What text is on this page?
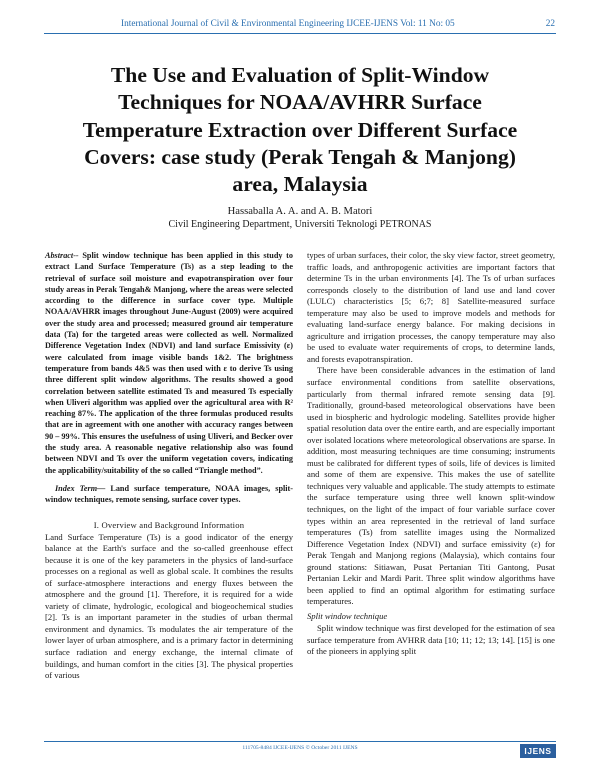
International Journal of Civil & Environmental Engineering IJCEE-IJENS Vol: 11 No: 05	22
The Use and Evaluation of Split-Window Techniques for NOAA/AVHRR Surface Temperature Extraction over Different Surface Covers: case study (Perak Tengah & Manjong) area, Malaysia
Hassaballa A. A. and A. B. Matori
Civil Engineering Department, Universiti Teknologi PETRONAS

Abstract-- Split window technique has been applied in this study to extract Land Surface Temperature (Ts) as a step leading to the retrieval of surface soil moisture and evapotranspiration over four study areas in Perak Tengah& Manjong, where the areas were selected according to the difference in surface cover type. Multiple NOAA/AVHRR images throughout June-August (2009) were acquired over the study area and processed; measured ground air temperature data (Ta) for the targeted areas were collected as well. Normalized Difference Vegetation Index (NDVI) and land surface Emissivity (ε) were calculated from image visible bands 1&2. The brightness temperature from bands 4&5 was then used with ε to derive Ts using three different split window algorithms. The results showed a good correlation between satellite estimated Ts and measured Ts especially when Uliveri algorithm was applied over the agricultural area with R² reaching 87%. The application of the three formulas produced results that are in agreement with one another with accuracy ranges between 90 – 99%. This ensures the usefulness of using Uliveri, and Becker over the study area. A reasonable negative relationship also was found between NDVI and Ts over the uniform vegetation covers, indicating the applicability/suitability of the so called “Triangle method”.

Index Term— Land surface temperature, NOAA images, split-window techniques, remote sensing, surface cover types.

I. Overview and Background Information

Land Surface Temperature (Ts) is a good indicator of the energy balance at the Earth's surface and the so-called greenhouse effect because it is one of the key parameters in the physics of land-surface processes on a regional as well as global scale. It combines the results of surface-atmosphere interactions and energy fluxes between the atmosphere and the ground [1]. Therefore, it is required for a wide variety of climate, hydrologic, ecological and biogeochemical studies [2]. Ts is an important parameter in the studies of urban thermal environment and dynamics. Ts modulates the air temperature of the lower layer of urban atmosphere, and is a primary factor in determining surface radiation and energy exchange, the internal climate of buildings, and human comfort in the cities [3]. The physical properties of various

types of urban surfaces, their color, the sky view factor, street geometry, traffic loads, and anthropogenic activities are important factors that determine Ts in the urban environments [4]. The Ts of urban surfaces corresponds closely to the distribution of land use and land cover (LULC) characteristics [5; 6;7; 8] Satellite-measured surface temperature may also be used to improve models and methods for evaluating land-surface energy balance. For making decisions in agriculture and irrigation processes, the canopy temperature may also be used to evaluate water requirements of crops, to determine lands, and forests evapotranspiration.

There have been considerable advances in the estimation of land surface environmental conditions from satellite observations, particularly from thermal infrared remote sensing data [9]. Traditionally, ground-based meteorological observations have been used in biospheric and hydrologic modeling. Satellites provide higher spatial resolution data over the entire earth, and are especially important over isolated locations where meteorological observations are sparse. In addition, most measuring techniques are time consuming; instruments must be calibrated for different types of soils, life of devices is limited and some of them are expensive. This makes the use of satellite techniques very valuable and applicable. The study attempts to estimate the surface temperature using three well known split-window techniques, on the light of the impact of four variable surface cover types within an area represented in the retrieval of land surface temperatures (Ts) from satellite images using the Normalized Difference Vegetation Index (NDVI) and surface emissivity (ε) for Perak Tengah and Manjong regions (Malaysia), which contains four ground stations: Sitiawan, Pusat Pertanian Titi Gantong, Pusat Pertanian Lekir and Mardi Parit. Three split window algorithms have been applied to find an optimal algorithm for estimating surface temperatures.

Split window technique

Split window technique was first developed for the estimation of sea surface temperature from AVHRR data [10; 11; 12; 13; 14]. [15] is one of the pioneers in applying split

111705-8484 IJCEE-IJENS © October 2011 IJENS	IJENS
